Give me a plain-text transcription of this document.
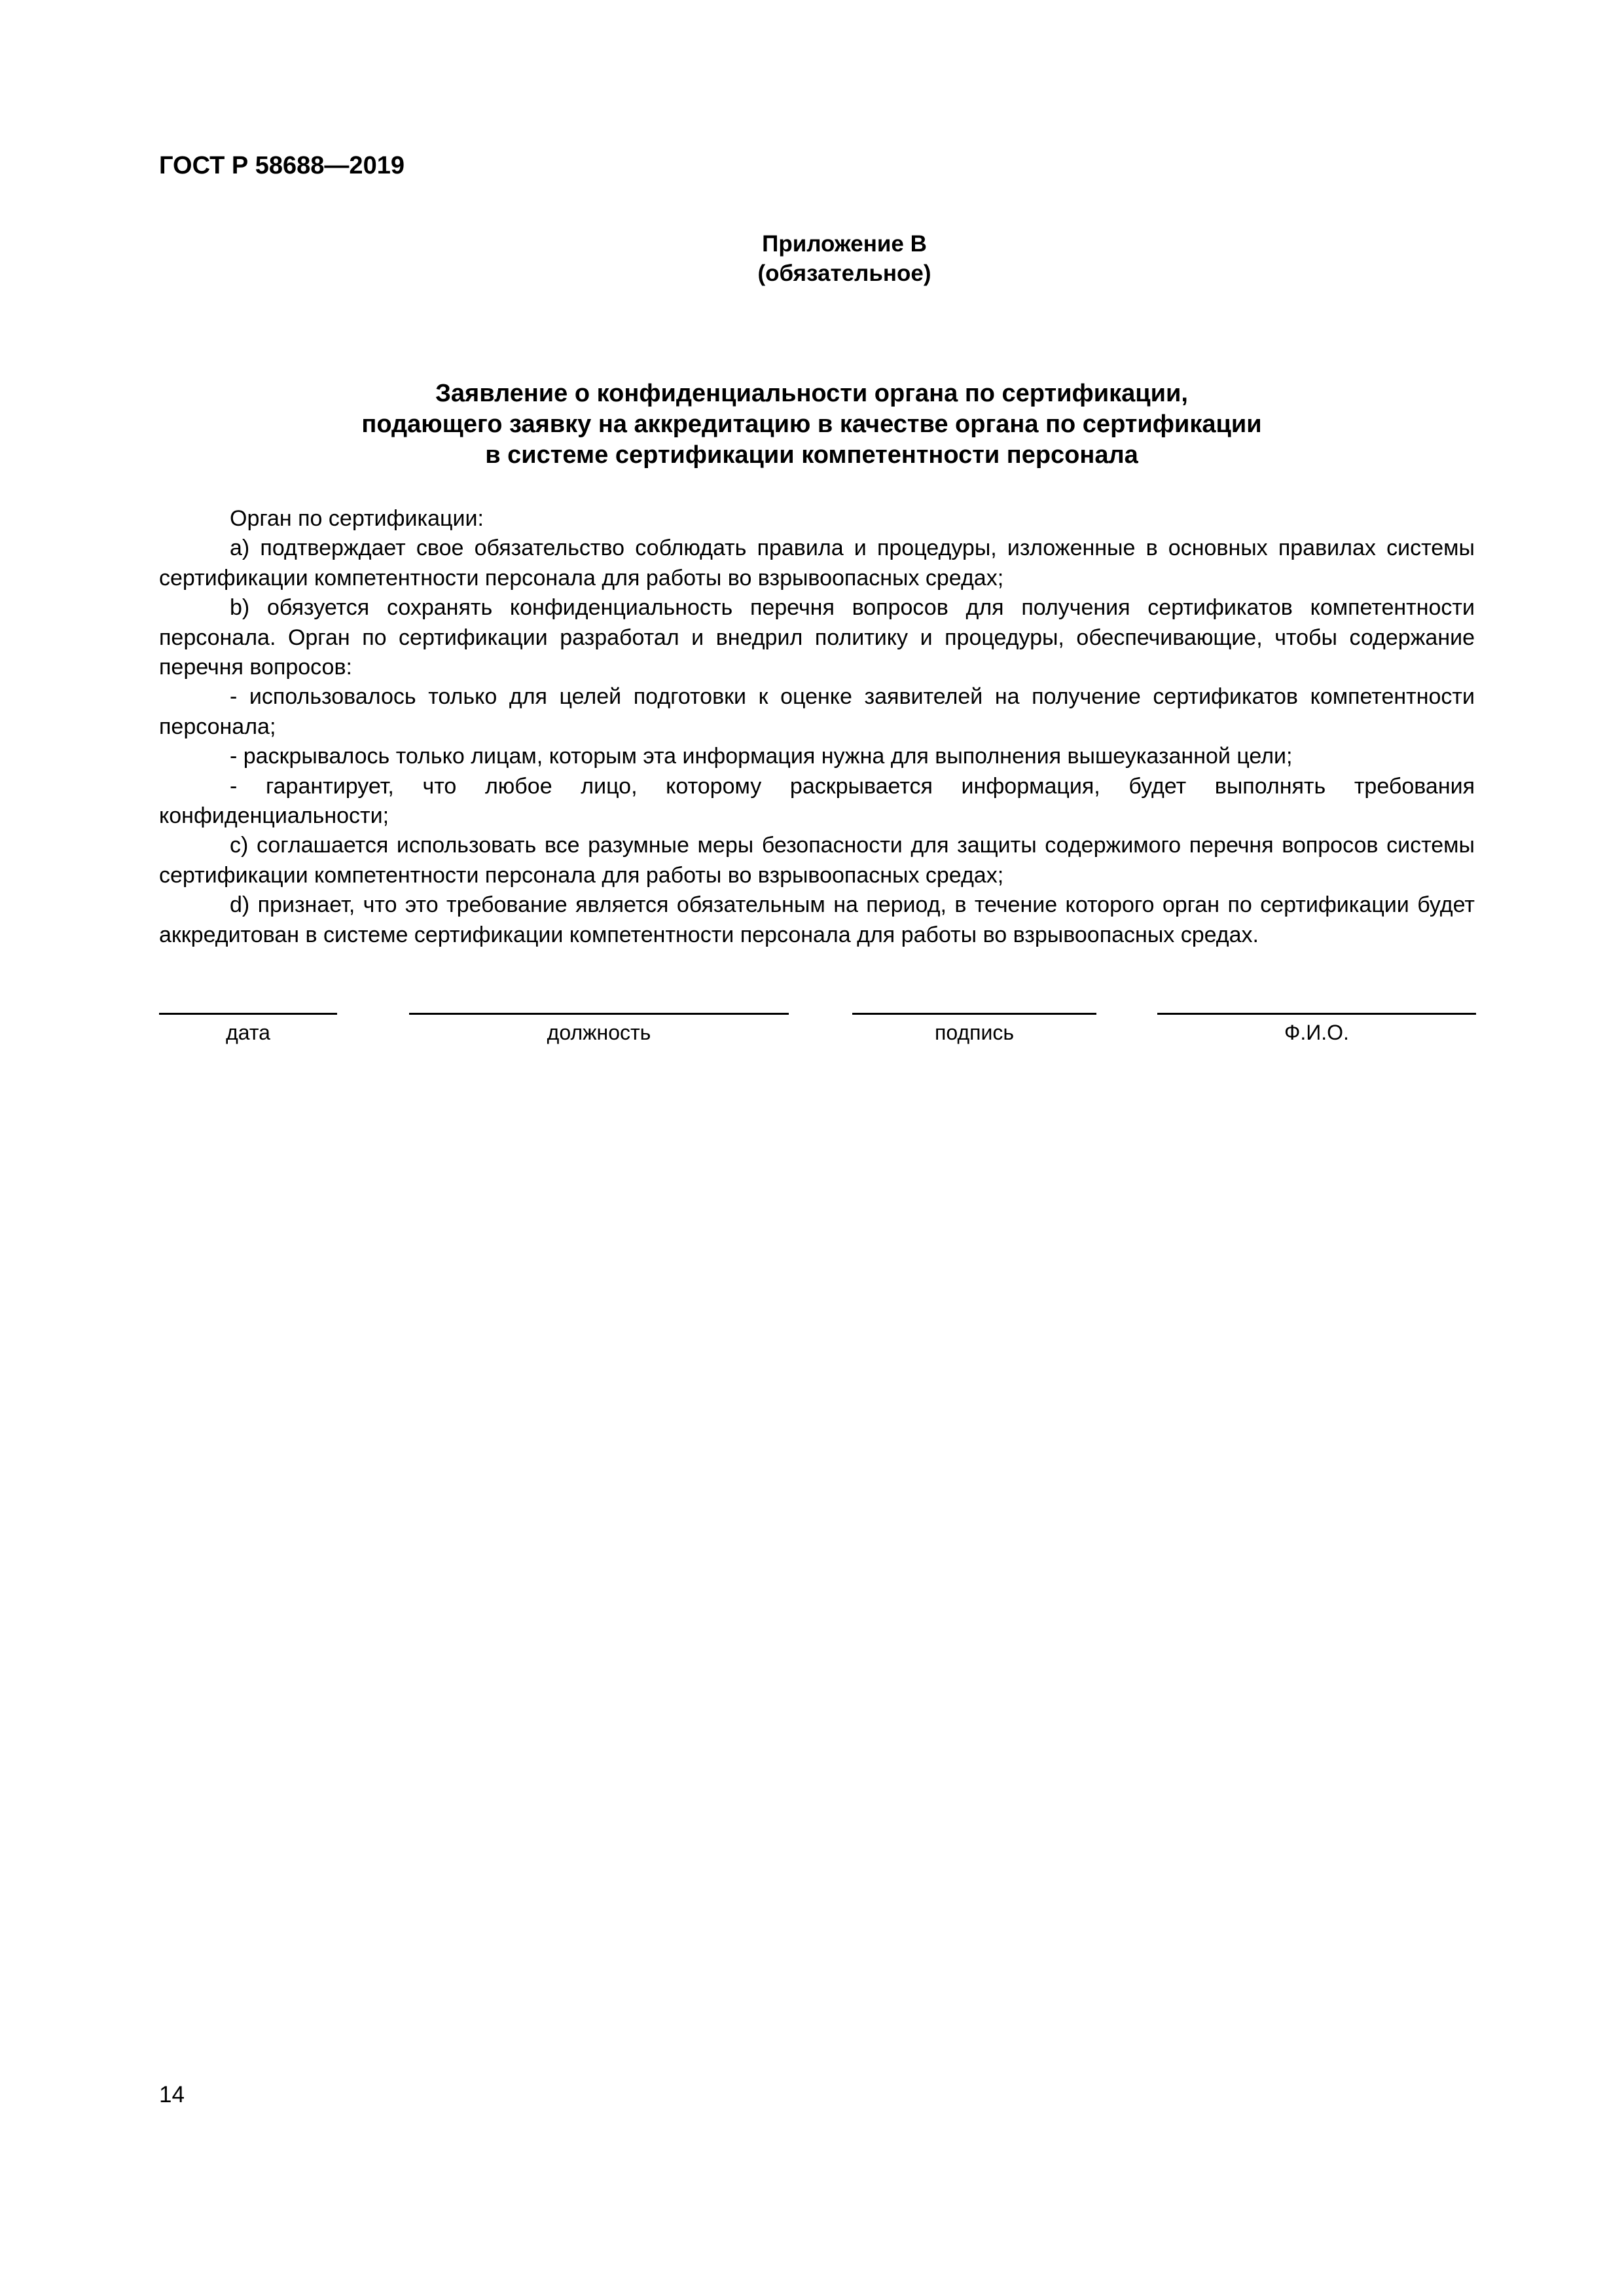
ГОСТ Р 58688—2019
Приложение В
(обязательное)
Заявление о конфиденциальности органа по сертификации,
подающего заявку на аккредитацию в качестве органа по сертификации
в системе сертификации компетентности персонала

Орган по сертификации:

a) подтверждает свое обязательство соблюдать правила и процедуры, изложенные в основных правилах системы сертификации компетентности персонала для работы во взрывоопасных средах;

b) обязуется сохранять конфиденциальность перечня вопросов для получения сертификатов компетентности персонала. Орган по сертификации разработал и внедрил политику и процедуры, обеспечивающие, чтобы содержание перечня вопросов:

- использовалось только для целей подготовки к оценке заявителей на получение сертификатов компетентности персонала;

- раскрывалось только лицам, которым эта информация нужна для выполнения вышеуказанной цели;

- гарантирует, что любое лицо, которому раскрывается информация, будет выполнять требования конфиденциальности;

c) соглашается использовать все разумные меры безопасности для защиты содержимого перечня вопросов системы сертификации компетентности персонала для работы во взрывоопасных средах;

d) признает, что это требование является обязательным на период, в течение которого орган по сертификации будет аккредитован в системе сертификации компетентности персонала для работы во взрывоопасных средах.

дата	должность	подпись	Ф.И.О.
14
